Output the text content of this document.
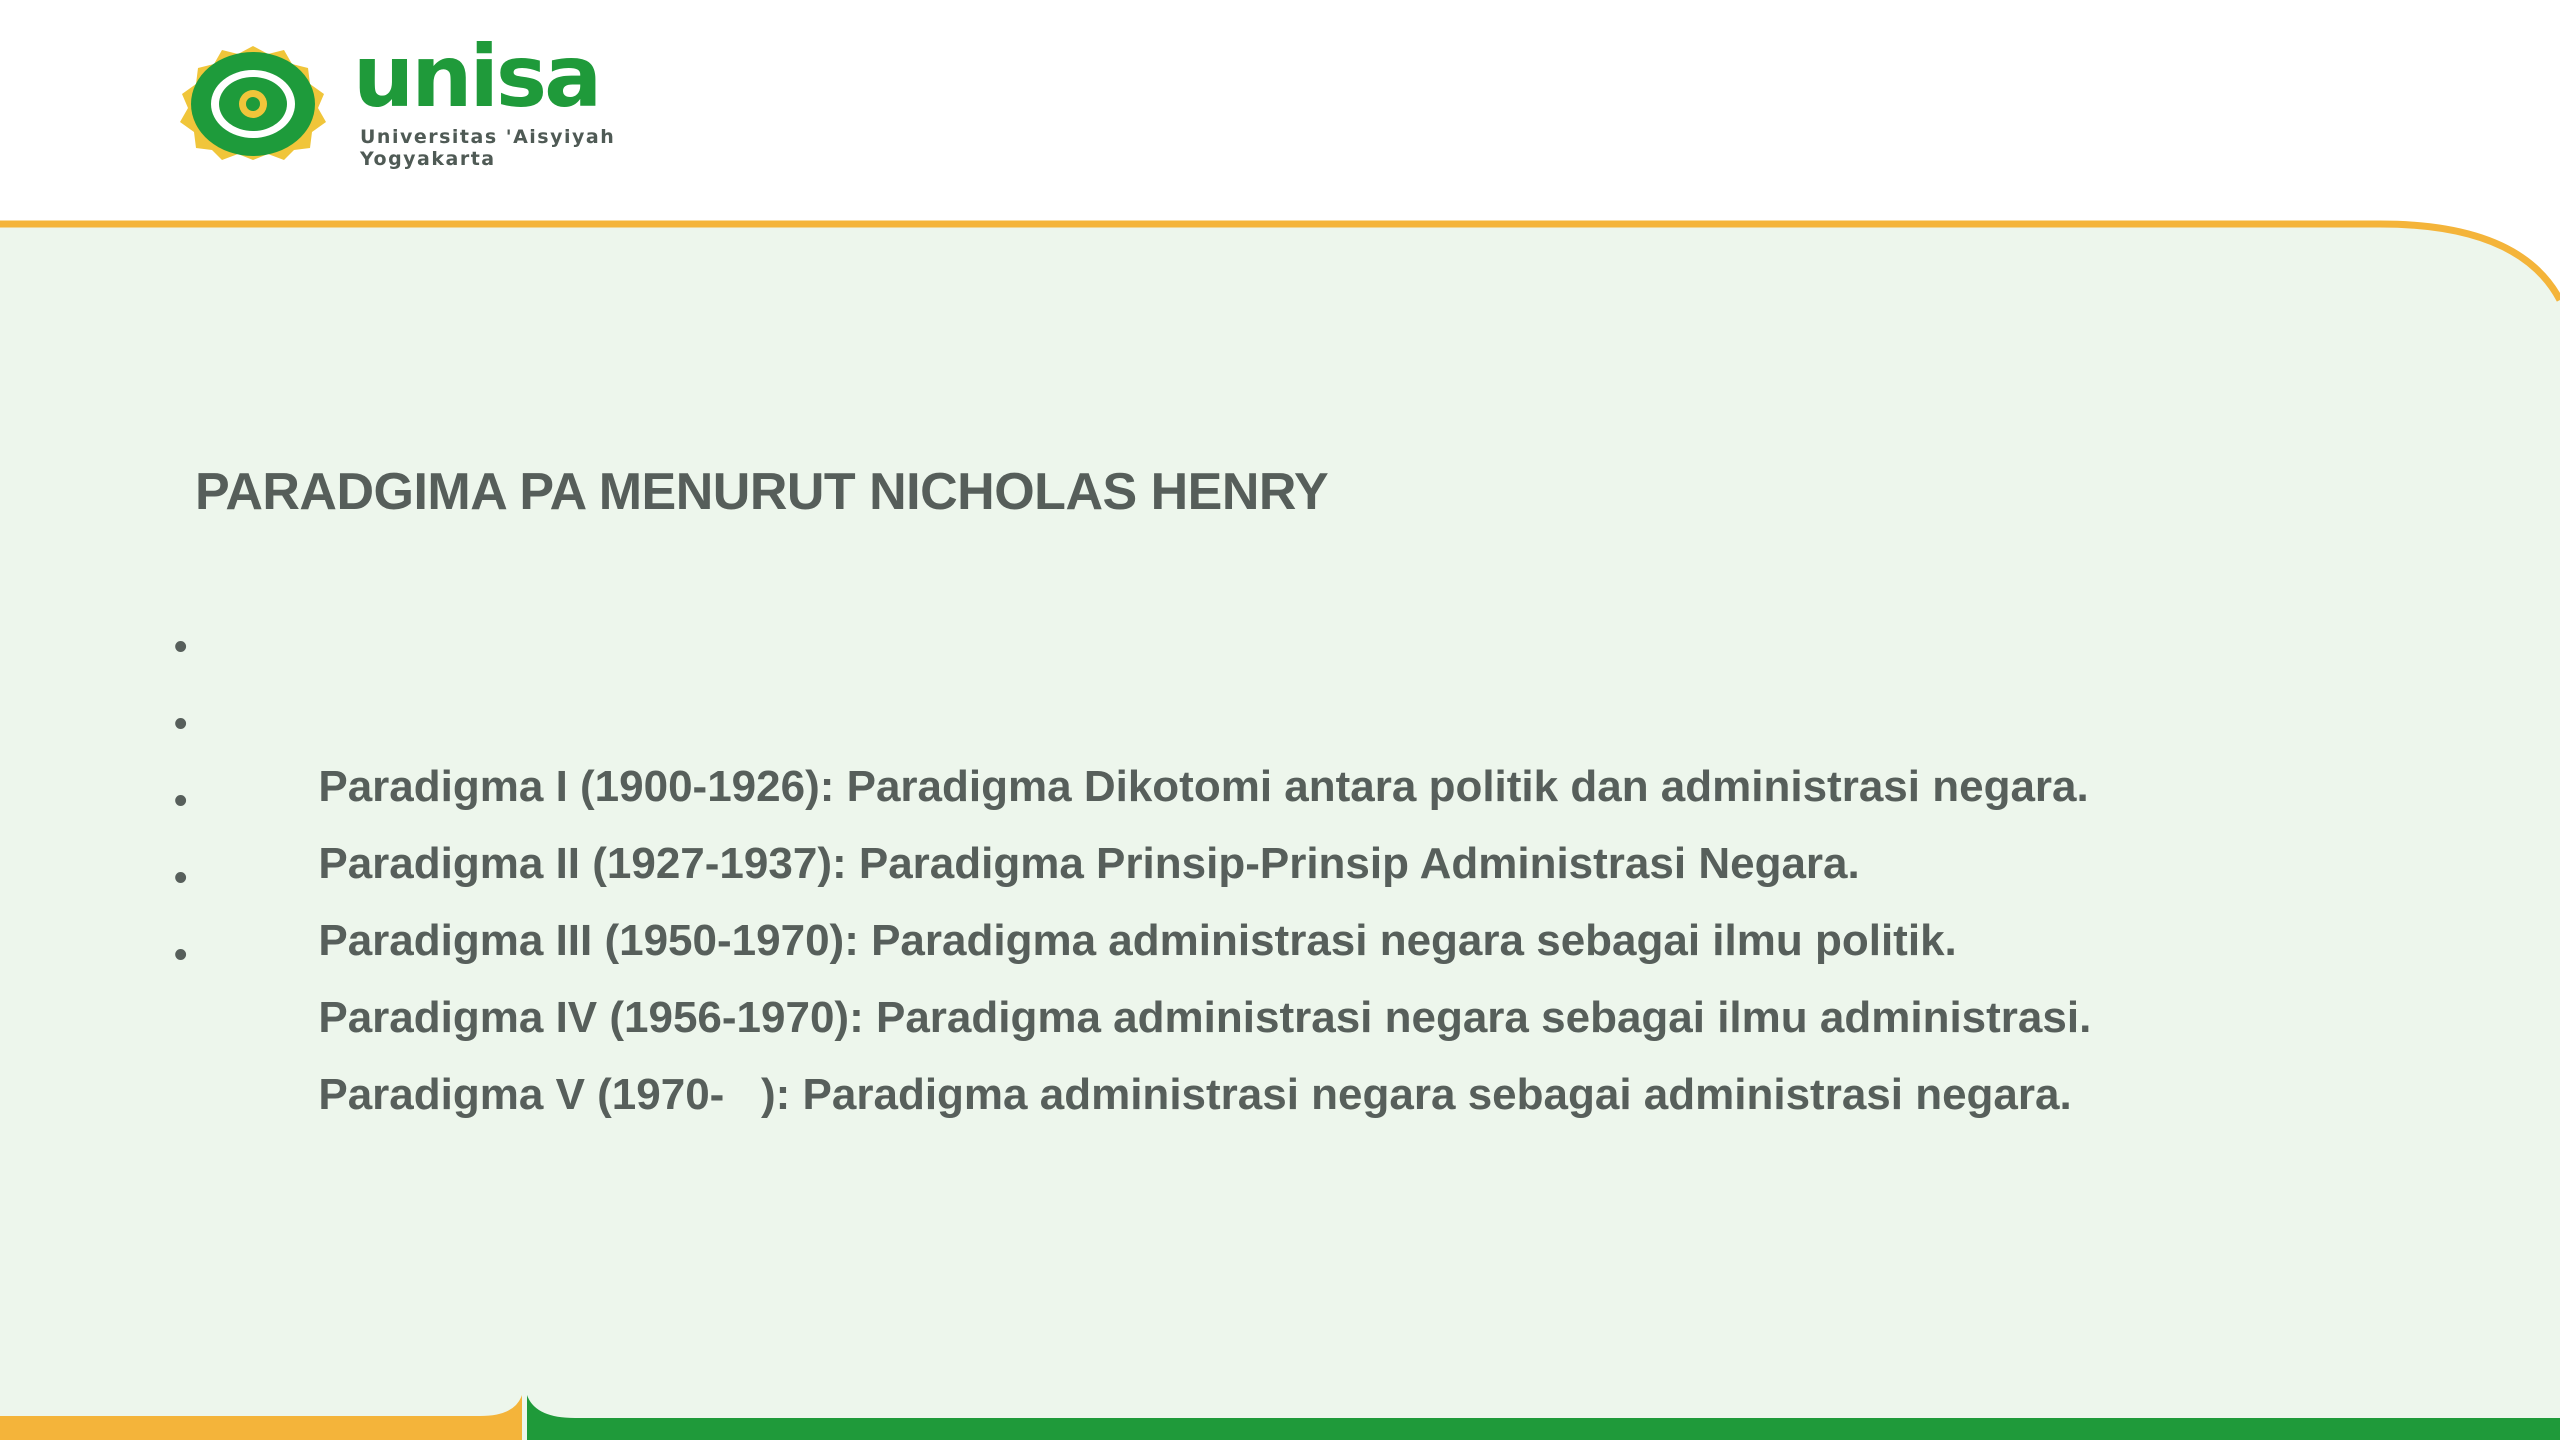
unisa
Universitas 'Aisyiyah
Yogyakarta
PARADGIMA PA MENURUT NICHOLAS HENRY

•

Paradigma I (1900-1926): Paradigma Dikotomi antara politik dan administrasi negara.

•

Paradigma II (1927-1937): Paradigma Prinsip-Prinsip Administrasi Negara.

•

Paradigma III (1950-1970): Paradigma administrasi negara sebagai ilmu politik.

•

Paradigma IV (1956-1970): Paradigma administrasi negara sebagai ilmu administrasi.

•

Paradigma V (1970-   ): Paradigma administrasi negara sebagai administrasi negara.
